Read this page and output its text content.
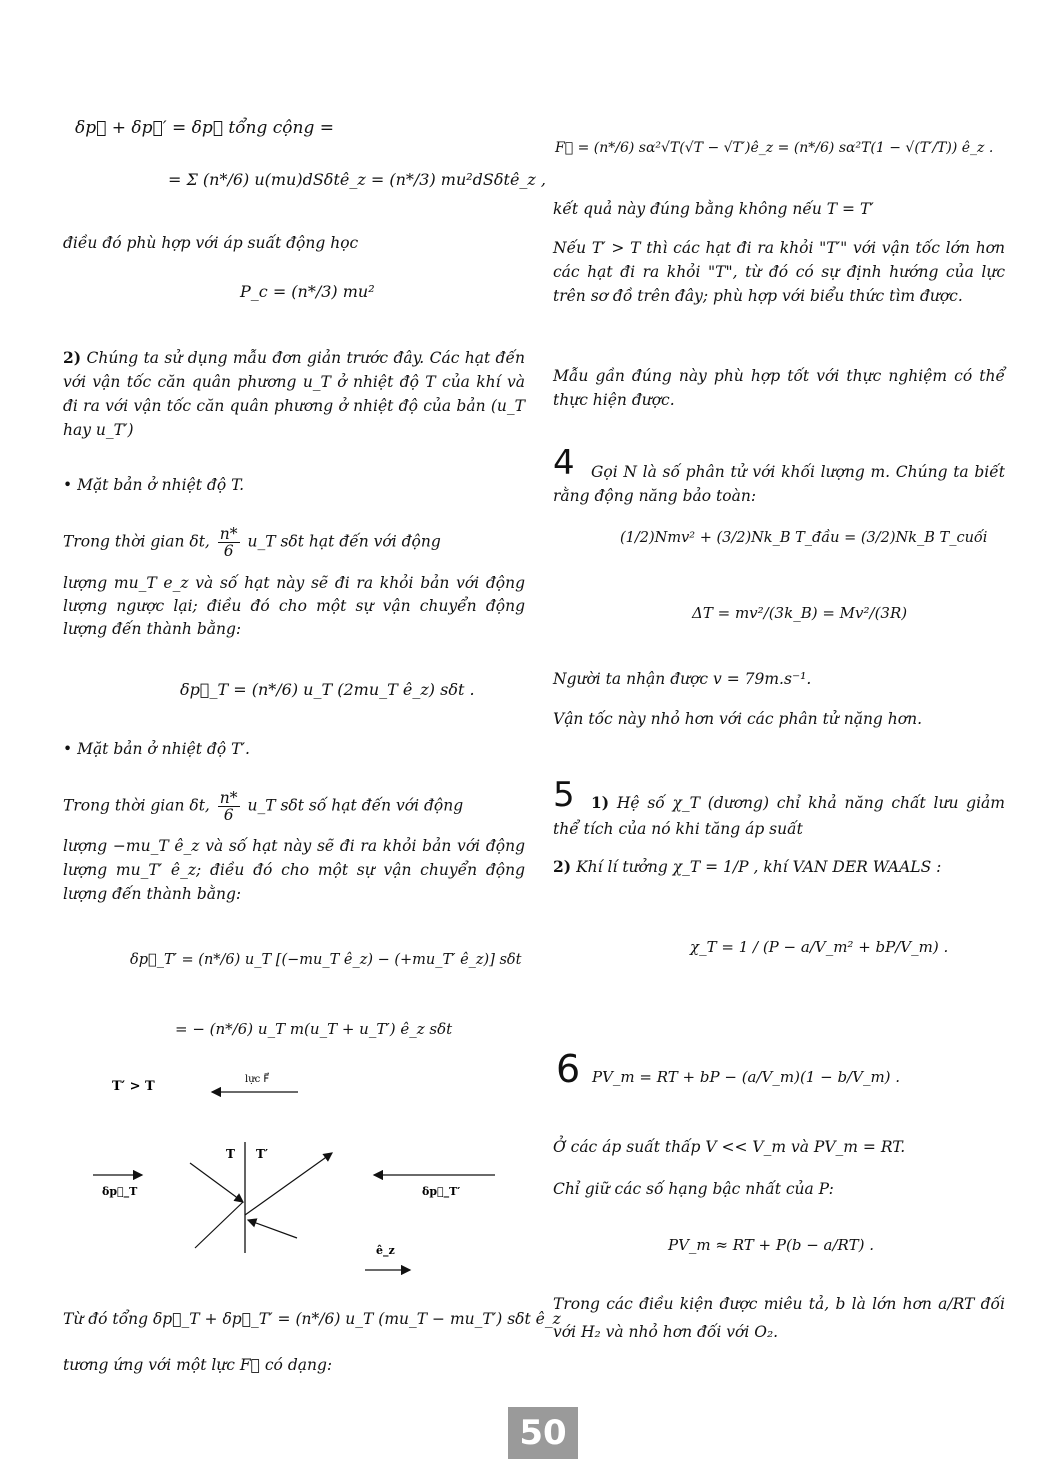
δp⃗ + δp⃗′ = δp⃗ tổng cộng =
= Σ (n*/6) u(mu)dSδtê_z = (n*/3) mu²dSδtê_z ,
điều đó phù hợp với áp suất động học
P_c = (n*/3) mu²
2) Chúng ta sử dụng mẫu đơn giản trước đây. Các hạt đến với vận tốc căn quân phương u_T ở nhiệt độ T của khí và đi ra với vận tốc căn quân phương ở nhiệt độ của bản (u_T hay u_T′)
• Mặt bản ở nhiệt độ T.
Trong thời gian δt, $\frac{n*}{6}$ u_T sδt hạt đến với động
lượng mu_T e_z và số hạt này sẽ đi ra khỏi bản với động lượng ngược lại; điều đó cho một sự vận chuyển động lượng đến thành bằng:
δp⃗_T = (n*/6) u_T (2mu_T ê_z) sδt .
• Mặt bản ở nhiệt độ T′.
Trong thời gian δt, $\frac{n*}{6}$ u_T sδt số hạt đến với động
lượng −mu_T ê_z và số hạt này sẽ đi ra khỏi bản với động lượng mu_T′ ê_z; điều đó cho một sự vận chuyển động lượng đến thành bằng:
δp⃗_T′ = (n*/6) u_T [(−mu_T ê_z) − (+mu_T′ ê_z)] sδt
= − (n*/6) u_T m(u_T + u_T′) ê_z sδt
T′ > T	lực F⃗
T T′
δp⃗_T	δp⃗_T′
ê_z
Từ đó tổng δp⃗_T + δp⃗_T′ = (n*/6) u_T (mu_T − mu_T′) sδt ê_z
tương ứng với một lực F⃗ có dạng:
F⃗ = (n*/6) sα²√T(√T − √T′)ê_z = (n*/6) sα²T(1 − √(T′/T)) ê_z .
kết quả này đúng bằng không nếu T = T′
Nếu T′ > T thì các hạt đi ra khỏi "T′" với vận tốc lớn hơn các hạt đi ra khỏi "T", từ đó có sự định hướng của lực trên sơ đồ trên đây; phù hợp với biểu thức tìm được.
Mẫu gần đúng này phù hợp tốt với thực nghiệm có thể thực hiện được.
4	Gọi N là số phân tử với khối lượng m. Chúng ta biết rằng động năng bảo toàn:
(1/2)Nmv² + (3/2)Nk_B T_đầu = (3/2)Nk_B T_cuối
ΔT = mv²/(3k_B) = Mv²/(3R)
Người ta nhận được v = 79m.s⁻¹.
Vận tốc này nhỏ hơn với các phân tử nặng hơn.
5	1) Hệ số χ_T (dương) chỉ khả năng chất lưu giảm thể tích của nó khi tăng áp suất
2) Khí lí tưởng χ_T = 1/P , khí VAN DER WAALS :
χ_T = 1 / (P − a/V_m² + bP/V_m) .
6 PV_m = RT + bP − (a/V_m)(1 − b/V_m) .
Ở các áp suất thấp V << V_m và PV_m = RT.
Chỉ giữ các số hạng bậc nhất của P:
PV_m ≈ RT + P(b − a/RT) .
Trong các điều kiện được miêu tả, b là lớn hơn a/RT đối với H₂ và nhỏ hơn đối với O₂.
50
